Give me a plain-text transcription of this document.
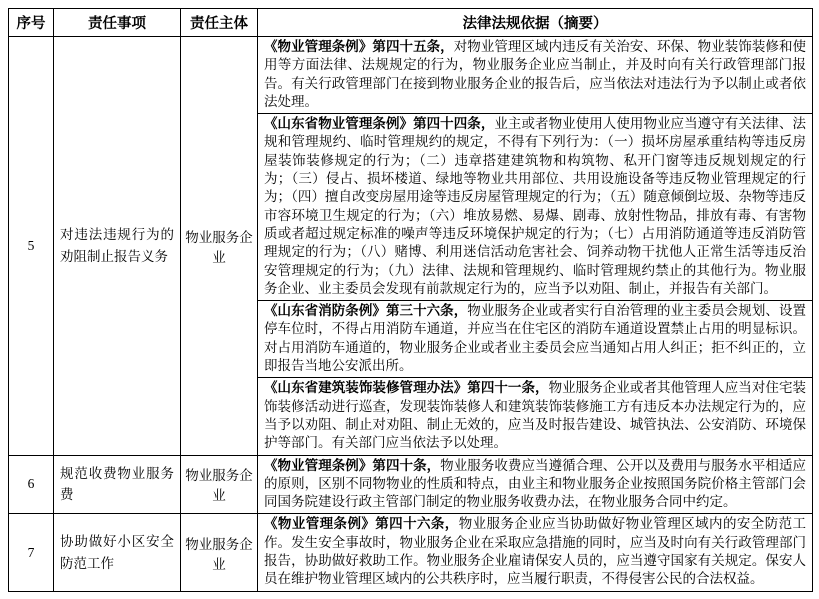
序号	责任事项	责任主体	法律法规依据（摘要）
5	对违法违规行为的劝阻制止报告义务	物业服务企业	《物业管理条例》第四十五条，对物业管理区域内违反有关治安、环保、物业装饰装修和使用等方面法律、法规规定的行为，物业服务企业应当制止，并及时向有关行政管理部门报告。有关行政管理部门在接到物业服务企业的报告后，应当依法对违法行为予以制止或者依法处理。
《山东省物业管理条例》第四十四条，业主或者物业使用人使用物业应当遵守有关法律、法规和管理规约、临时管理规约的规定，不得有下列行为：（一）损坏房屋承重结构等违反房屋装饰装修规定的行为；（二）违章搭建建筑物和构筑物、私开门窗等违反规划规定的行为；（三）侵占、损坏楼道、绿地等物业共用部位、共用设施设备等违反物业管理规定的行为；（四）擅自改变房屋用途等违反房屋管理规定的行为；（五）随意倾倒垃圾、杂物等违反市容环境卫生规定的行为；（六）堆放易燃、易爆、剧毒、放射性物品，排放有毒、有害物质或者超过规定标准的噪声等违反环境保护规定的行为；（七）占用消防通道等违反消防管理规定的行为；（八）赌博、利用迷信活动危害社会、饲养动物干扰他人正常生活等违反治安管理规定的行为；（九）法律、法规和管理规约、临时管理规约禁止的其他行为。物业服务企业、业主委员会发现有前款规定行为的，应当予以劝阻、制止，并报告有关部门。
《山东省消防条例》第三十六条，物业服务企业或者实行自治管理的业主委员会规划、设置停车位时，不得占用消防车通道，并应当在住宅区的消防车通道设置禁止占用的明显标识。对占用消防车通道的，物业服务企业或者业主委员会应当通知占用人纠正；拒不纠正的，立即报告当地公安派出所。
《山东省建筑装饰装修管理办法》第四十一条，物业服务企业或者其他管理人应当对住宅装饰装修活动进行巡查，发现装饰装修人和建筑装饰装修施工方有违反本办法规定行为的，应当予以劝阻、制止对劝阻、制止无效的，应当及时报告建设、城管执法、公安消防、环境保护等部门。有关部门应当依法予以处理。

6	规范收费物业服务费	物业服务企业	《物业管理条例》第四十条，物业服务收费应当遵循合理、公开以及费用与服务水平相适应的原则，区别不同物物业的性质和特点，由业主和物业服务企业按照国务院价格主管部门会同国务院建设行政主管部门制定的物业服务收费办法，在物业服务合同中约定。

7	协助做好小区安全防范工作	物业服务企业	《物业管理条例》第四十六条，物业服务企业应当协助做好物业管理区域内的安全防范工作。发生安全事故时，物业服务企业在采取应急措施的同时，应当及时向有关行政管理部门报告，协助做好救助工作。物业服务企业雇请保安人员的，应当遵守国家有关规定。保安人员在维护物业管理区域内的公共秩序时，应当履行职责，不得侵害公民的合法权益。
